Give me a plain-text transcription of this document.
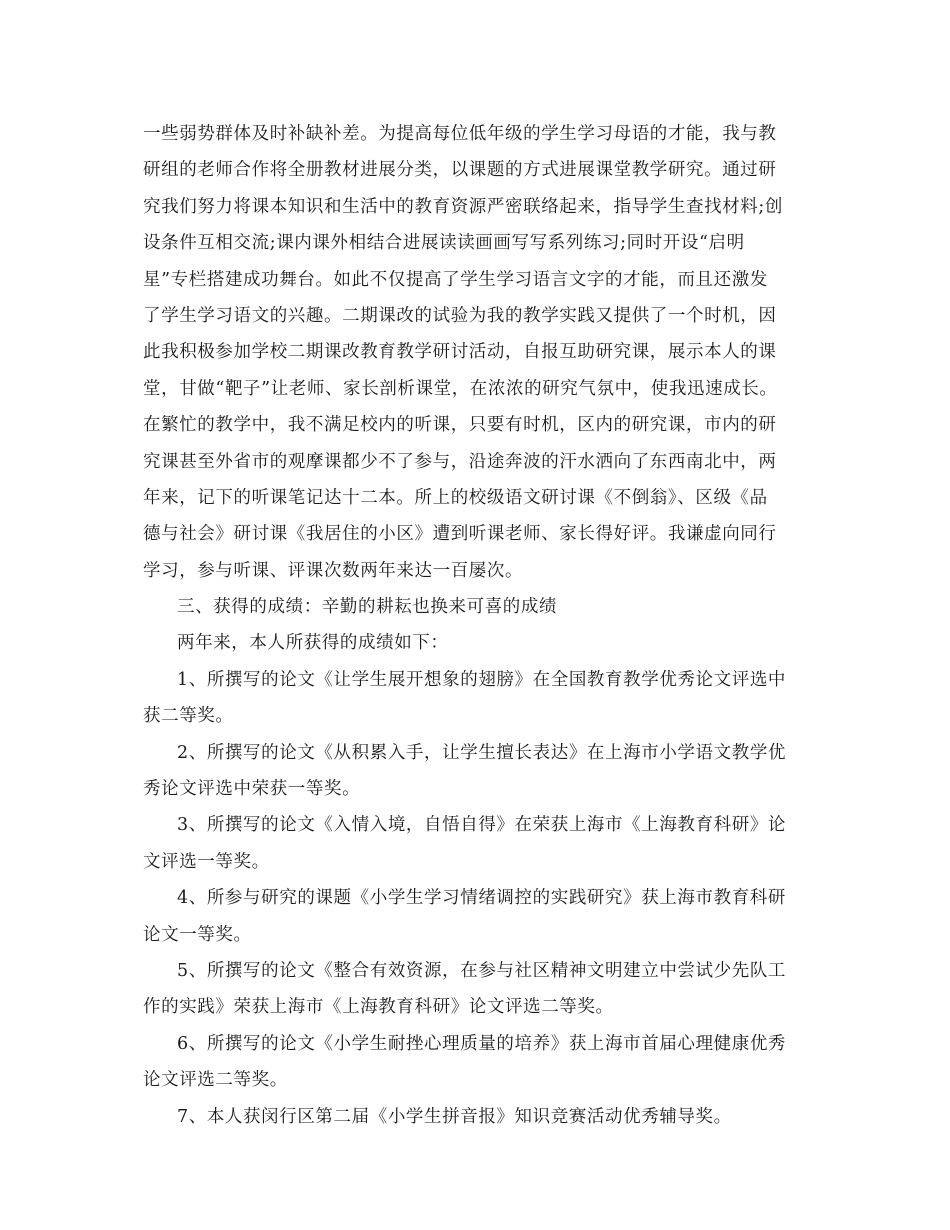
一些弱势群体及时补缺补差。为提高每位低年级的学生学习母语的才能，我与教
研组的老师合作将全册教材进展分类，以课题的方式进展课堂教学研究。通过研
究我们努力将课本知识和生活中的教育资源严密联络起来，指导学生查找材料;创
设条件互相交流;课内课外相结合进展读读画画写写系列练习;同时开设“启明
星”专栏搭建成功舞台。如此不仅提高了学生学习语言文字的才能，而且还激发
了学生学习语文的兴趣。二期课改的试验为我的教学实践又提供了一个时机，因
此我积极参加学校二期课改教育教学研讨活动，自报互助研究课，展示本人的课
堂，甘做“靶子”让老师、家长剖析课堂，在浓浓的研究气氛中，使我迅速成长。
在繁忙的教学中，我不满足校内的听课，只要有时机，区内的研究课，市内的研
究课甚至外省市的观摩课都少不了参与，沿途奔波的汗水洒向了东西南北中，两
年来，记下的听课笔记达十二本。所上的校级语文研讨课《不倒翁》、区级《品
德与社会》研讨课《我居住的小区》遭到听课老师、家长得好评。我谦虚向同行
学习，参与听课、评课次数两年来达一百屡次。
三、获得的成绩：辛勤的耕耘也换来可喜的成绩
两年来，本人所获得的成绩如下：
1、所撰写的论文《让学生展开想象的翅膀》在全国教育教学优秀论文评选中
获二等奖。
2、所撰写的论文《从积累入手，让学生擅长表达》在上海市小学语文教学优
秀论文评选中荣获一等奖。
3、所撰写的论文《入情入境，自悟自得》在荣获上海市《上海教育科研》论
文评选一等奖。
4、所参与研究的课题《小学生学习情绪调控的实践研究》获上海市教育科研
论文一等奖。
5、所撰写的论文《整合有效资源，在参与社区精神文明建立中尝试少先队工
作的实践》荣获上海市《上海教育科研》论文评选二等奖。
6、所撰写的论文《小学生耐挫心理质量的培养》获上海市首届心理健康优秀
论文评选二等奖。
7、本人获闵行区第二届《小学生拼音报》知识竞赛活动优秀辅导奖。
